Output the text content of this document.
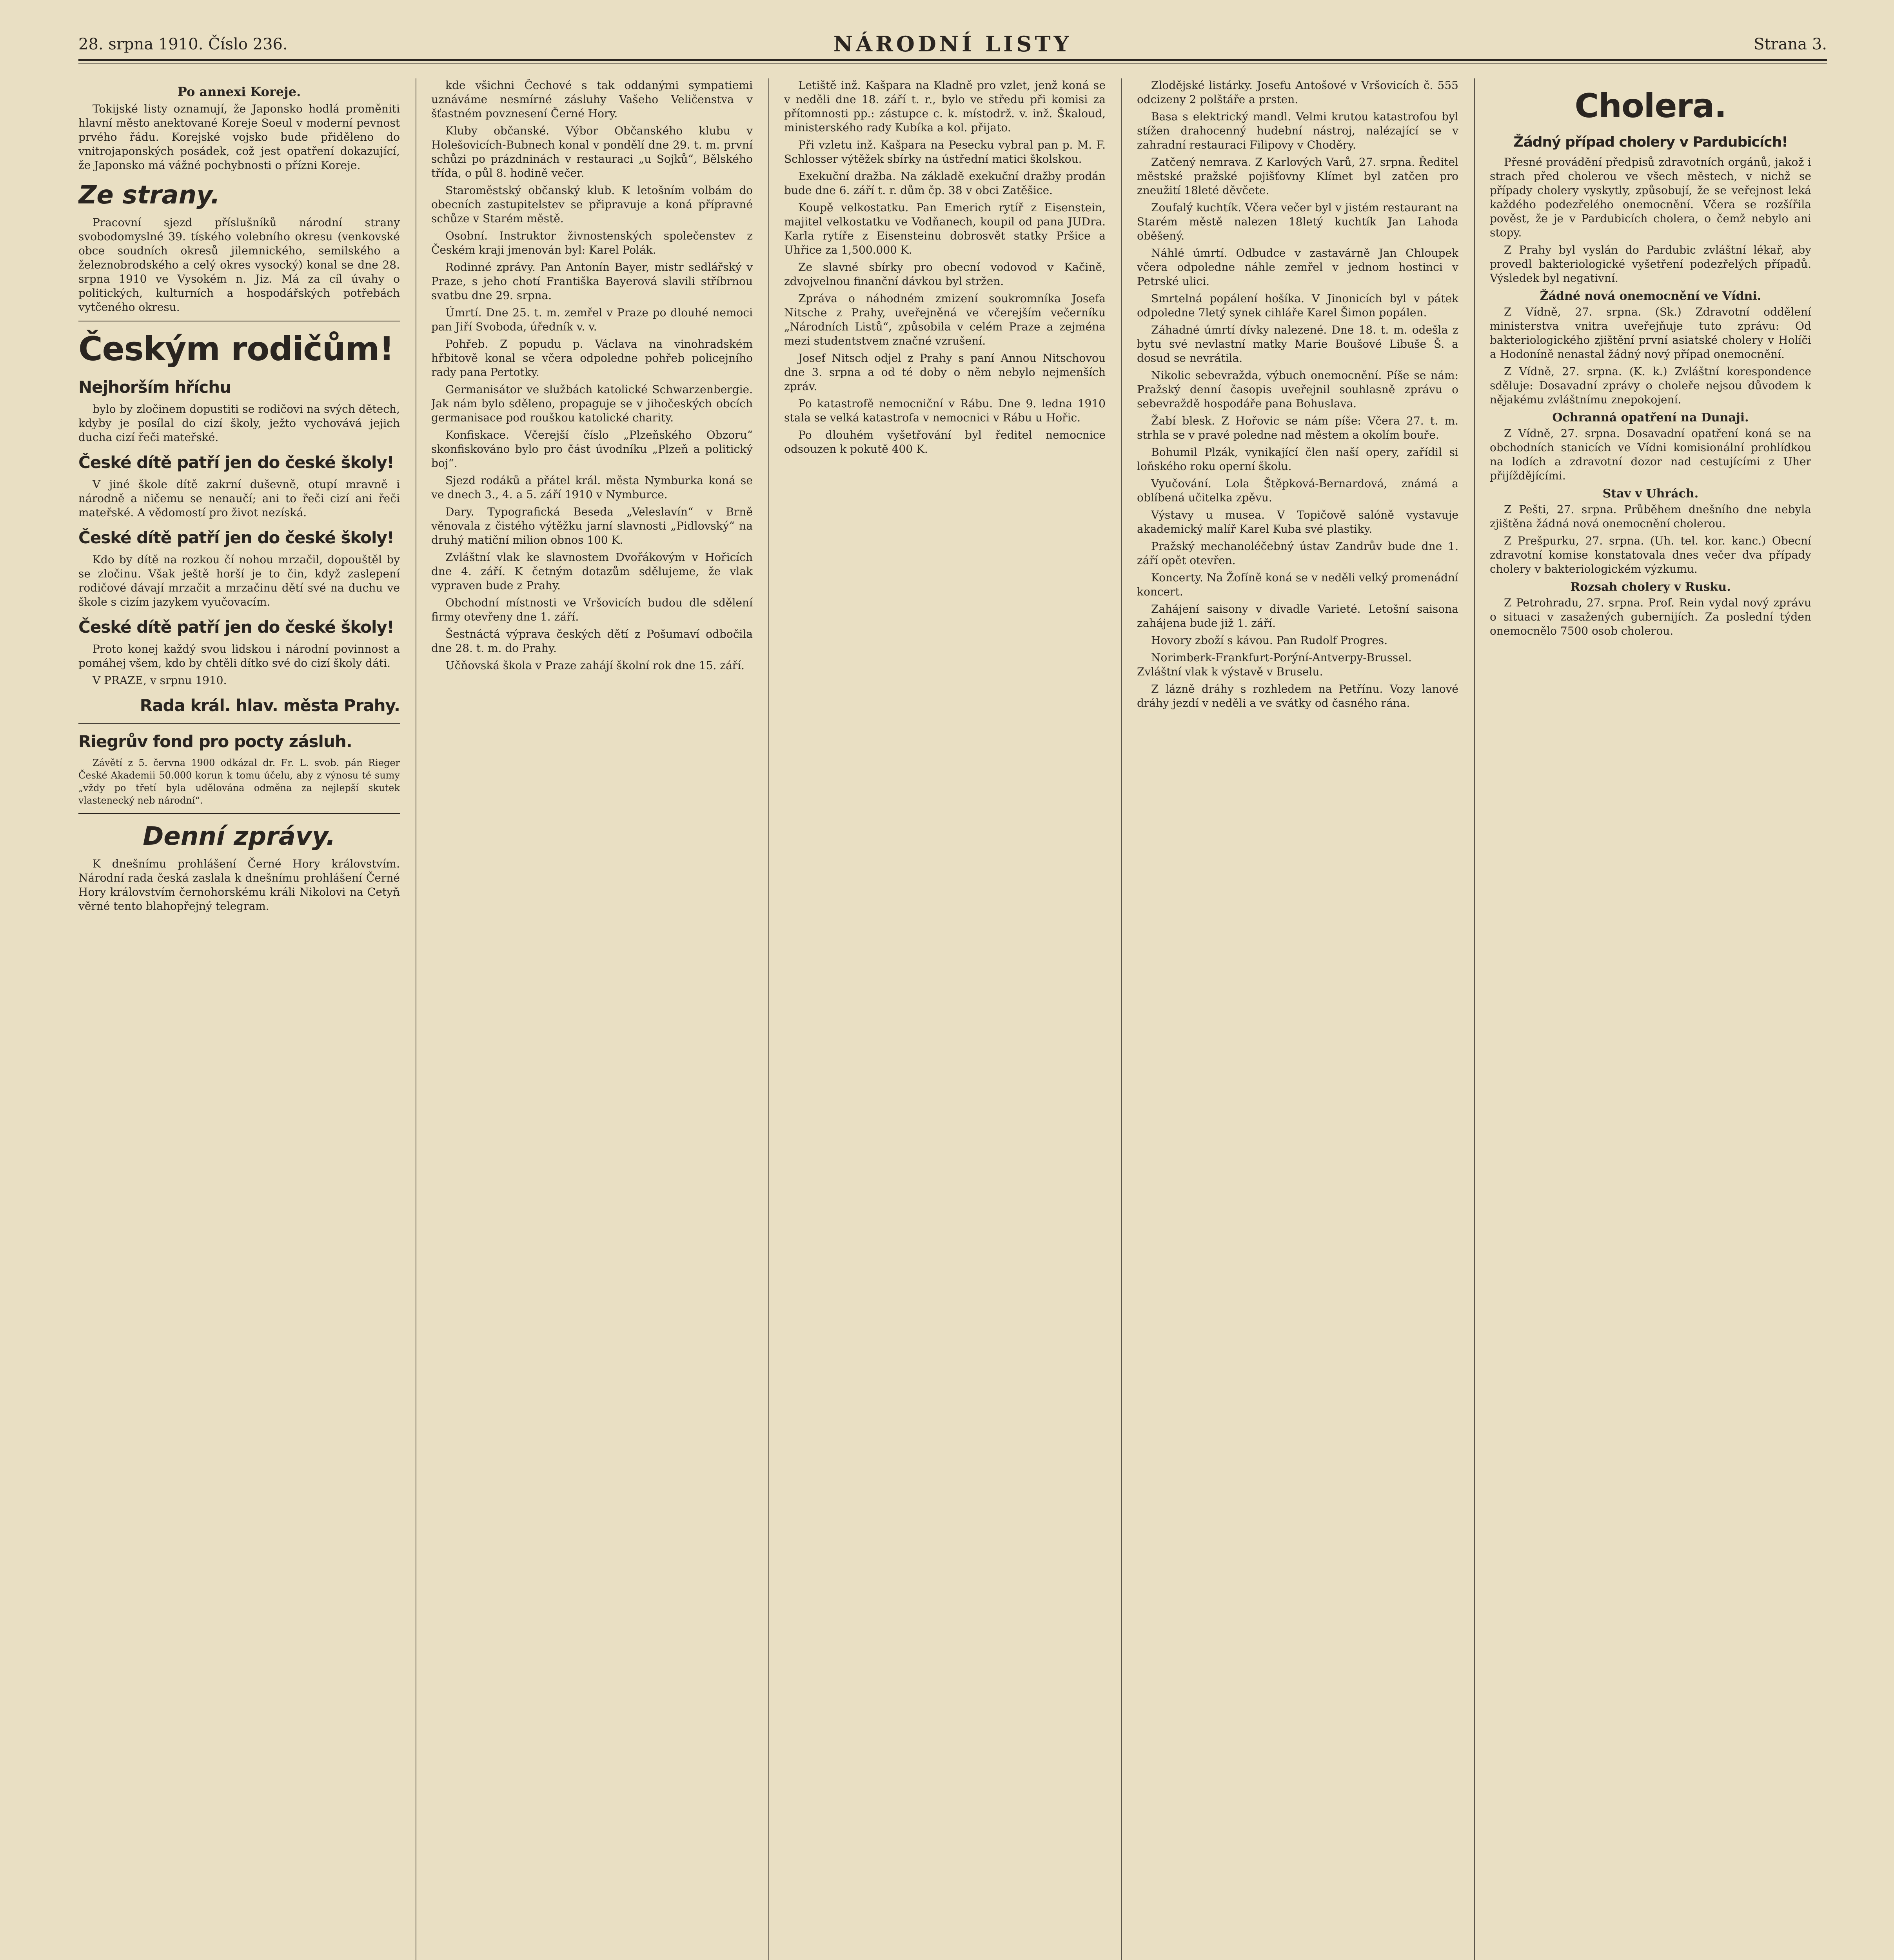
28. srpna 1910. Číslo 236.	NÁRODNÍ LISTY	Strana 3.
Po annexi Koreje.

Tokijské listy oznamují, že Japonsko hodlá proměniti hlavní město anektované Koreje Soeul v moderní pevnost prvého řádu. Korejské vojsko bude přiděleno do vnitrojaponských posádek, což jest opatření dokazující, že Japonsko má vážné pochybnosti o přízni Koreje.

Ze strany.

Pracovní sjezd příslušníků národní strany svobodomyslné 39. tíského volebního okresu (venkovské obce soudních okresů jilemnického, semilského a železnobrodského a celý okres vysocký) konal se dne 28. srpna 1910 ve Vysokém n. Jiz. Má za cíl úvahy o politických, kulturních a hospodářských potřebách vytčeného okresu.

Českým rodičům!
Nejhorším hříchu

bylo by zločinem dopustiti se rodičovi na svých dětech, kdyby je posílal do cizí školy, ježto vychovává jejich ducha cizí řeči mateřské.

České dítě patří jen do české školy!

V jiné škole dítě zakrní duševně, otupí mravně i národně a ničemu se nenaučí; ani to řeči cizí ani řeči mateřské. A vědomostí pro život nezíská.

České dítě patří jen do české školy!

Kdo by dítě na rozkou čí nohou mrzačil, dopouštěl by se zločinu. Však ještě horší je to čin, když zaslepení rodičové dávají mrzačit a mrzačinu dětí své na duchu ve škole s cizím jazykem vyučovacím.

České dítě patří jen do české školy!

Proto konej každý svou lidskou i národní povinnost a pomáhej všem, kdo by chtěli dítko své do cizí školy dáti.

V PRAZE, v srpnu 1910.

Rada král. hlav. města Prahy.
Riegrův fond pro pocty zásluh.

Závětí z 5. června 1900 odkázal dr. Fr. L. svob. pán Rieger České Akademii 50.000 korun k tomu účelu, aby z výnosu té sumy „vždy po třetí byla udělována odměna za nejlepší skutek vlastenecký neb národní“.

Denní zprávy.

K dnešnímu prohlášení Černé Hory královstvím. Národní rada česká zaslala k dnešnímu prohlášení Černé Hory královstvím černohorskému králi Nikolovi na Cetyň věrné tento blahopřejný telegram.

kde všichni Čechové s tak oddanými sympatiemi uznáváme nesmírné zásluhy Vašeho Veličenstva v šťastném povznesení Černé Hory.

Kluby občanské. Výbor Občanského klubu v Holešovicích-Bubnech konal v pondělí dne 29. t. m. první schůzi po prázdninách v restauraci „u Sojků“, Bělského třída, o půl 8. hodině večer.

Staroměstský občanský klub. K letošním volbám do obecních zastupitelstev se připravuje a koná přípravné schůze v Starém městě.

Osobní. Instruktor živnostenských společenstev z Českém kraji jmenován byl: Karel Polák.

Rodinné zprávy. Pan Antonín Bayer, mistr sedlářský v Praze, s jeho chotí Františka Bayerová slavili stříbrnou svatbu dne 29. srpna.

Úmrtí. Dne 25. t. m. zemřel v Praze po dlouhé nemoci pan Jiří Svoboda, úředník v. v.

Pohřeb. Z popudu p. Václava na vinohradském hřbitově konal se včera odpoledne pohřeb policejního rady pana Pertotky.

Germanisátor ve službách katolické Schwarzenbergie. Jak nám bylo sděleno, propaguje se v jihočeských obcích germanisace pod rouškou katolické charity.

Konfiskace. Včerejší číslo „Plzeňského Obzoru“ skonfiskováno bylo pro část úvodníku „Plzeň a politický boj“.

Sjezd rodáků a přátel král. města Nymburka koná se ve dnech 3., 4. a 5. září 1910 v Nymburce.

Dary. Typografická Beseda „Veleslavín“ v Brně věnovala z čistého výtěžku jarní slavnosti „Pidlovský“ na druhý matiční milion obnos 100 K.

Zvláštní vlak ke slavnostem Dvořákovým v Hořicích dne 4. září. K četným dotazům sdělujeme, že vlak vypraven bude z Prahy.

Obchodní místnosti ve Vršovicích budou dle sdělení firmy otevřeny dne 1. září.

Šestnáctá výprava českých dětí z Pošumaví odbočila dne 28. t. m. do Prahy.

Učňovská škola v Praze zahájí školní rok dne 15. září.

Letiště inž. Kašpara na Kladně pro vzlet, jenž koná se v neděli dne 18. září t. r., bylo ve středu při komisi za přítomnosti pp.: zástupce c. k. místodrž. v. inž. Škaloud, ministerského rady Kubíka a kol. přijato.

Při vzletu inž. Kašpara na Pesecku vybral pan p. M. F. Schlosser výtěžek sbírky na ústřední matici školskou.

Exekuční dražba. Na základě exekuční dražby prodán bude dne 6. září t. r. dům čp. 38 v obci Zatěšice.

Koupě velkostatku. Pan Emerich rytíř z Eisenstein, majitel velkostatku ve Vodňanech, koupil od pana JUDra. Karla rytíře z Eisensteinu dobrosvět statky Pršice a Uhřice za 1,500.000 K.

Ze slavné sbírky pro obecní vodovod v Kačině, zdvojvelnou finanční dávkou byl stržen.

Zpráva o náhodném zmizení soukromníka Josefa Nitsche z Prahy, uveřejněná ve včerejším večerníku „Národních Listů“, způsobila v celém Praze a zejména mezi studentstvem značné vzrušení.

Josef Nitsch odjel z Prahy s paní Annou Nitschovou dne 3. srpna a od té doby o něm nebylo nejmenších zpráv.

Po katastrofě nemocniční v Rábu. Dne 9. ledna 1910 stala se velká katastrofa v nemocnici v Rábu u Hořic.

Po dlouhém vyšetřování byl ředitel nemocnice odsouzen k pokutě 400 K.

Zlodějské listárky. Josefu Antošové v Vršovicích č. 555 odcizeny 2 polštáře a prsten.

Basa s elektrický mandl. Velmi krutou katastrofou byl stížen drahocenný hudební nástroj, nalézající se v zahradní restauraci Filipovy v Choděry.

Zatčený nemrava. Z Karlových Varů, 27. srpna. Ředitel městské pražské pojišťovny Klímet byl zatčen pro zneužití 18leté děvčete.

Zoufalý kuchtík. Včera večer byl v jistém restaurant na Starém městě nalezen 18letý kuchtík Jan Lahoda oběšený.

Náhlé úmrtí. Odbudce v zastavárně Jan Chloupek včera odpoledne náhle zemřel v jednom hostinci v Petrské ulici.

Smrtelná popálení hošíka. V Jinonicích byl v pátek odpoledne 7letý synek cihláře Karel Šimon popálen.

Záhadné úmrtí dívky nalezené. Dne 18. t. m. odešla z bytu své nevlastní matky Marie Boušové Libuše Š. a dosud se nevrátila.

Nikolic sebevražda, výbuch onemocnění. Píše se nám: Pražský denní časopis uveřejnil souhlasně zprávu o sebevraždě hospodáře pana Bohuslava.

Žabí blesk. Z Hořovic se nám píše: Včera 27. t. m. strhla se v pravé poledne nad městem a okolím bouře.

Bohumil Plzák, vynikající člen naší opery, zařídil si loňského roku operní školu.

Vyučování. Lola Štěpková-Bernardová, známá a oblíbená učitelka zpěvu.

Výstavy u musea. V Topičově salóně vystavuje akademický malíř Karel Kuba své plastiky.

Pražský mechanoléčebný ústav Zandrův bude dne 1. září opět otevřen.

Koncerty. Na Žofíně koná se v neděli velký promenádní koncert.

Zahájení saisony v divadle Varieté. Letošní saisona zahájena bude již 1. září.

Hovory zboží s kávou. Pan Rudolf Progres.

Norimberk-Frankfurt-Porýní-Antverpy-Brussel. Zvláštní vlak k výstavě v Bruselu.

Z lázně dráhy s rozhledem na Petřínu. Vozy lanové dráhy jezdí v neděli a ve svátky od časného rána.

Cholera.
Žádný případ cholery v Pardubicích!

Přesné provádění předpisů zdravotních orgánů, jakož i strach před cholerou ve všech městech, v nichž se případy cholery vyskytly, způsobují, že se veřejnost leká každého podezřelého onemocnění. Včera se rozšířila pověst, že je v Pardubicích cholera, o čemž nebylo ani stopy.

Z Prahy byl vyslán do Pardubic zvláštní lékař, aby provedl bakteriologické vyšetření podezřelých případů. Výsledek byl negativní.

Žádné nová onemocnění ve Vídni.

Z Vídně, 27. srpna. (Sk.) Zdravotní oddělení ministerstva vnitra uveřejňuje tuto zprávu: Od bakteriologického zjištění první asiatské cholery v Holíči a Hodoníně nenastal žádný nový případ onemocnění.

Z Vídně, 27. srpna. (K. k.) Zvláštní korespondence sděluje: Dosavadní zprávy o choleře nejsou důvodem k nějakému zvláštnímu znepokojení.

Ochranná opatření na Dunaji.

Z Vídně, 27. srpna. Dosavadní opatření koná se na obchodních stanicích ve Vídni komisionální prohlídkou na lodích a zdravotní dozor nad cestujícími z Uher přijíždějícími.

Stav v Uhrách.

Z Pešti, 27. srpna. Průběhem dnešního dne nebyla zjištěna žádná nová onemocnění cholerou.

Z Prešpurku, 27. srpna. (Uh. tel. kor. kanc.) Obecní zdravotní komise konstatovala dnes večer dva případy cholery v bakteriologickém výzkumu.

Rozsah cholery v Rusku.

Z Petrohradu, 27. srpna. Prof. Rein vydal nový zprávu o situaci v zasažených gubernijích. Za poslední týden onemocnělo 7500 osob cholerou.
